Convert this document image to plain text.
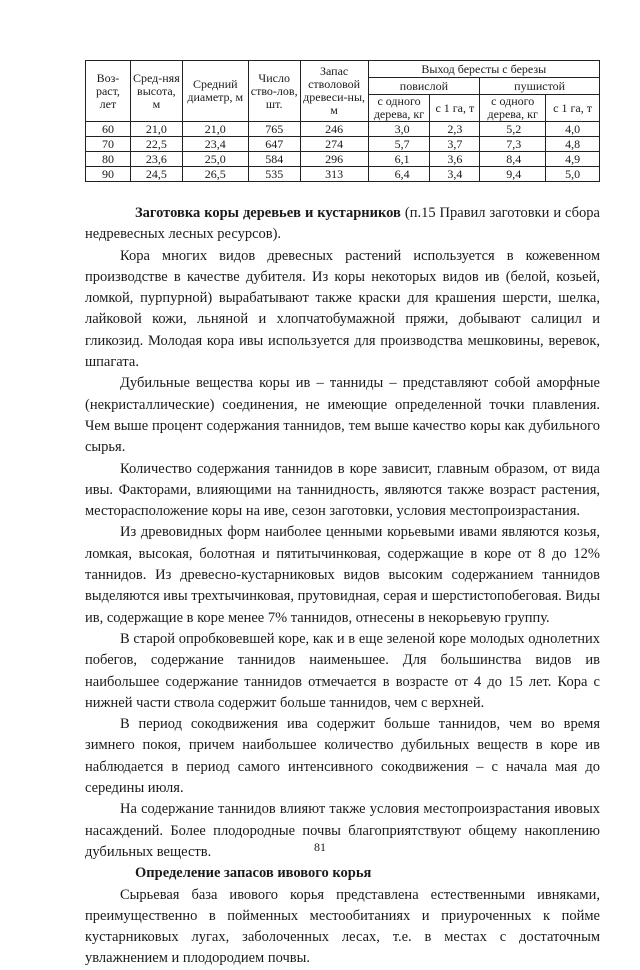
Воз-раст, лет	Сред-няя высота, м	Средний диаметр, м	Число ство-лов, шт.	Запас стволовой древеси-ны, м	Выход бересты с березы			
					повислой		пушистой	
					с одного дерева, кг	с 1 га, т	с одного дерева, кг	с 1 га, т
60	21,0	21,0	765	246	3,0	2,3	5,2	4,0
70	22,5	23,4	647	274	5,7	3,7	7,3	4,8
80	23,6	25,0	584	296	6,1	3,6	8,4	4,9
90	24,5	26,5	535	313	6,4	3,4	9,4	5,0

Заготовка коры деревьев и кустарников (п.15 Правил заготовки и сбора недревесных лесных ресурсов).

Кора многих видов древесных растений используется в кожевенном производстве в качестве дубителя. Из коры некоторых видов ив (белой, козьей, ломкой, пурпурной) вырабатывают также краски для крашения шерсти, шелка, лайковой кожи, льняной и хлопчатобумажной пряжи, добывают салицил и гликозид. Молодая кора ивы используется для производства мешковины, веревок, шпагата.

Дубильные вещества коры ив – танниды – представляют собой аморфные (некристаллические) соединения, не имеющие определенной точки плавления. Чем выше процент содержания таннидов, тем выше качество коры как дубильного сырья.

Количество содержания таннидов в коре зависит, главным образом, от вида ивы. Факторами, влияющими на таннидность, являются также возраст растения, месторасположение коры на иве, сезон заготовки, условия местопроизрастания.

Из древовидных форм наиболее ценными корьевыми ивами являются козья, ломкая, высокая, болотная и пятитычинковая, содержащие в коре от 8 до 12% таннидов. Из древесно-кустарниковых видов высоким содержанием таннидов выделяются ивы трехтычинковая, прутовидная, серая и шерстистопобеговая. Виды ив, содержащие в коре менее 7% таннидов, отнесены в некорьевую группу.

В старой опробковевшей коре, как и в еще зеленой коре молодых однолетних побегов, содержание таннидов наименьшее. Для большинства видов ив наибольшее содержание таннидов отмечается в возрасте от 4 до 15 лет. Кора с нижней части ствола содержит больше таннидов, чем с верхней.

В период сокодвижения ива содержит больше таннидов, чем во время зимнего покоя, причем наибольшее количество дубильных веществ в коре ив наблюдается в период самого интенсивного сокодвижения – с начала мая до середины июля.

На содержание таннидов влияют также условия местопроизрастания ивовых насаждений. Более плодородные почвы благоприятствуют общему накоплению дубильных веществ.

Определение запасов ивового корья

Сырьевая база ивового корья представлена естественными ивняками, преимущественно в пойменных местообитаниях и приуроченных к пойме кустарниковых лугах, заболоченных лесах, т.е. в местах с достаточным увлажнением и плодородием почвы.

81
